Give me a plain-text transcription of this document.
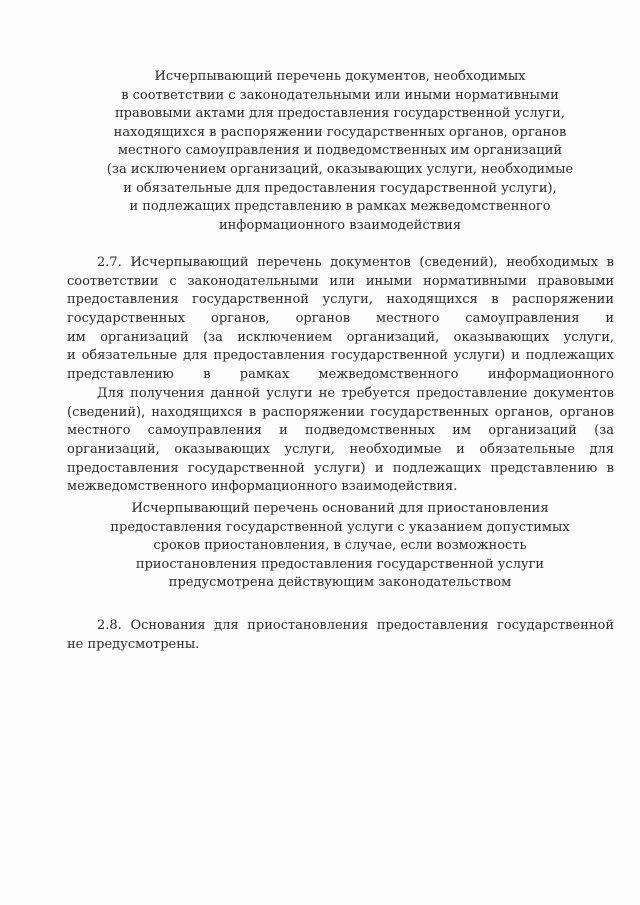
Исчерпывающий перечень документов, необходимых
в соответствии с законодательными или иными нормативными
правовыми актами для предоставления государственной услуги,
находящихся в распоряжении государственных органов, органов
местного самоуправления и подведомственных им организаций
(за исключением организаций, оказывающих услуги, необходимые
и обязательные для предоставления государственной услуги),
и подлежащих представлению в рамках межведомственного
информационного взаимодействия
2.7. Исчерпывающий перечень документов (сведений), необходимых в
соответствии с законодательными или иными нормативными правовыми
предоставления государственной услуги, находящихся в распоряжении
государственных органов, органов местного самоуправления и
им организаций (за исключением организаций, оказывающих услуги,
и обязательные для предоставления государственной услуги) и подлежащих
представлению в рамках межведомственного информационного
Для получения данной услуги не требуется предоставление документов
(сведений), находящихся в распоряжении государственных органов, органов
местного самоуправления и подведомственных им организаций (за
организаций, оказывающих услуги, необходимые и обязательные для
предоставления государственной услуги) и подлежащих представлению в
межведомственного информационного взаимодействия.
Исчерпывающий перечень оснований для приостановления
предоставления государственной услуги с указанием допустимых
сроков приостановления, в случае, если возможность
приостановления предоставления государственной услуги
предусмотрена действующим законодательством
2.8. Основания для приостановления предоставления государственной
не предусмотрены.
